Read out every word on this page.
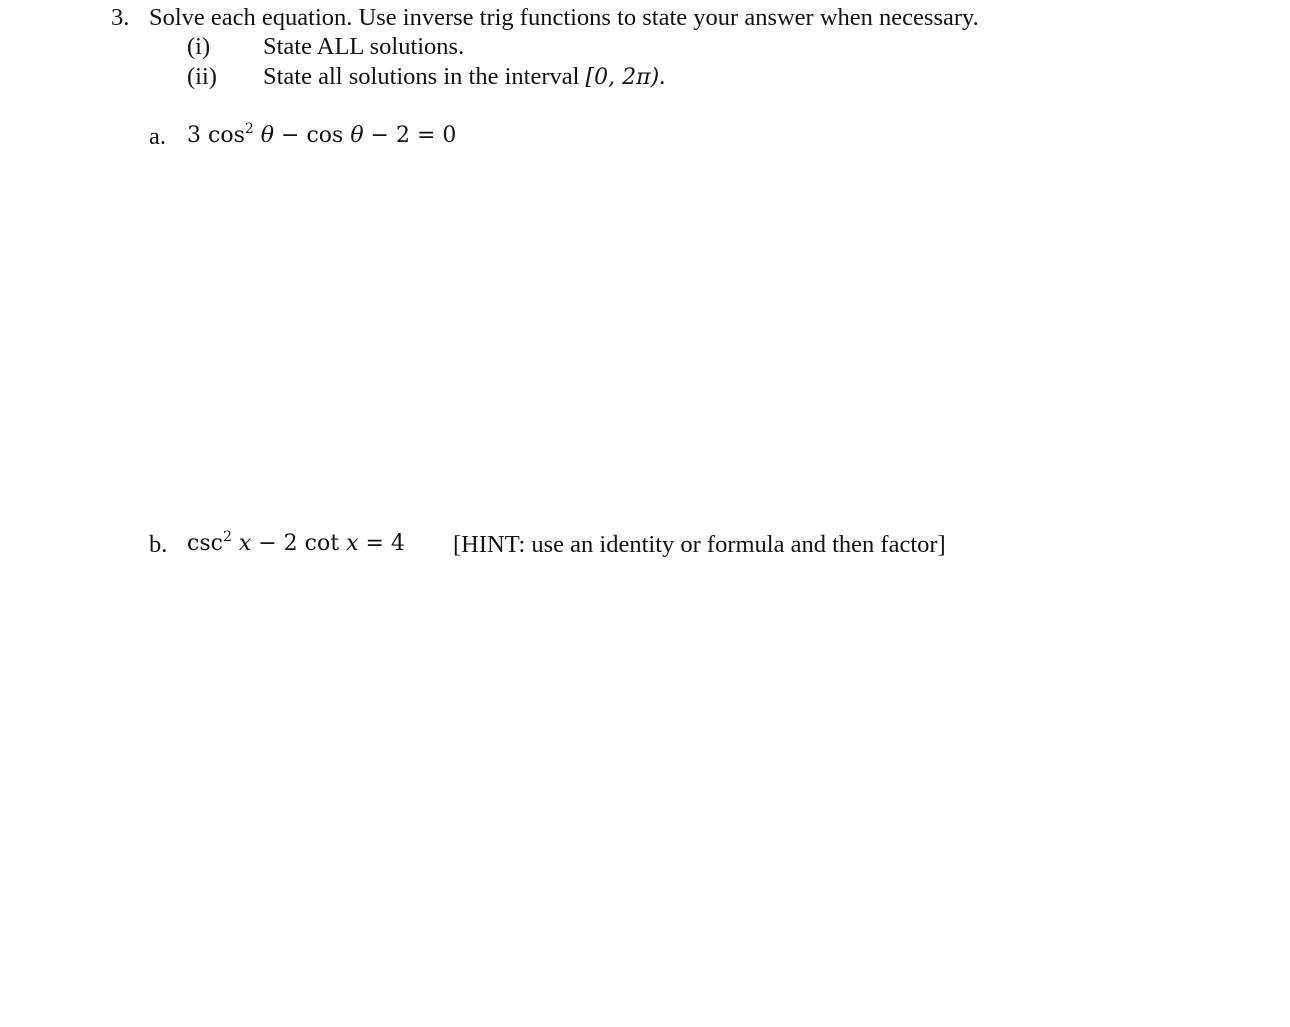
3. Solve each equation. Use inverse trig functions to state your answer when necessary.
(i) State ALL solutions.
(ii) State all solutions in the interval [0, 2π).
a. 3 $\cos^2 \theta - \cos \theta - 2 = 0$
b. $\csc^2 x - 2$ cot x = 4 [HINT: use an identity or formula and then factor]
